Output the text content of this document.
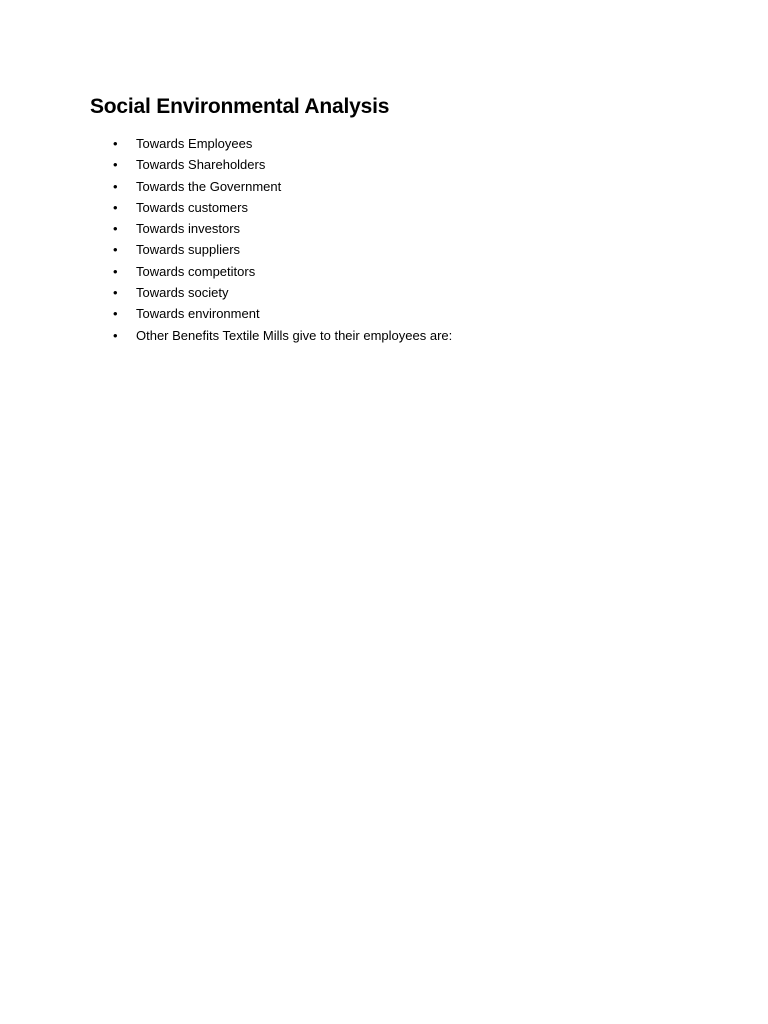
Social Environmental Analysis
• Towards Employees
• Towards Shareholders
• Towards the Government
• Towards customers
• Towards investors
• Towards suppliers
• Towards competitors
• Towards society
• Towards environment
• Other Benefits Textile Mills give to their employees are:
